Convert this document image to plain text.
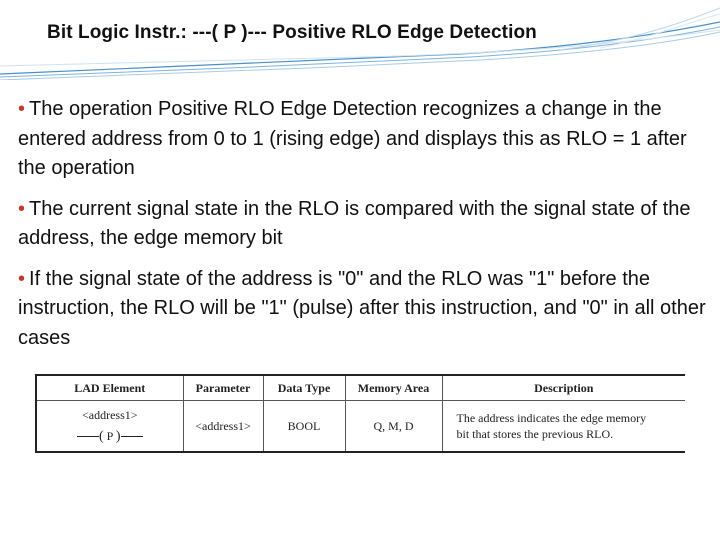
Bit Logic Instr.: ---( P )--- Positive RLO Edge Detection
• The operation Positive RLO Edge Detection recognizes a change in the entered address from 0 to 1 (rising edge) and displays this as RLO = 1 after the operation
• The current signal state in the RLO is compared with the signal state of the address, the edge memory bit
• If the signal state of the address is "0" and the RLO was "1" before the instruction, the RLO will be "1" (pulse) after this instruction, and "0" in all other cases
LAD Element	Parameter	Data Type	Memory Area	Description

<address1>
( P )	<address1>	BOOL	Q, M, D	The address indicates the edge memory
bit that stores the previous RLO.
